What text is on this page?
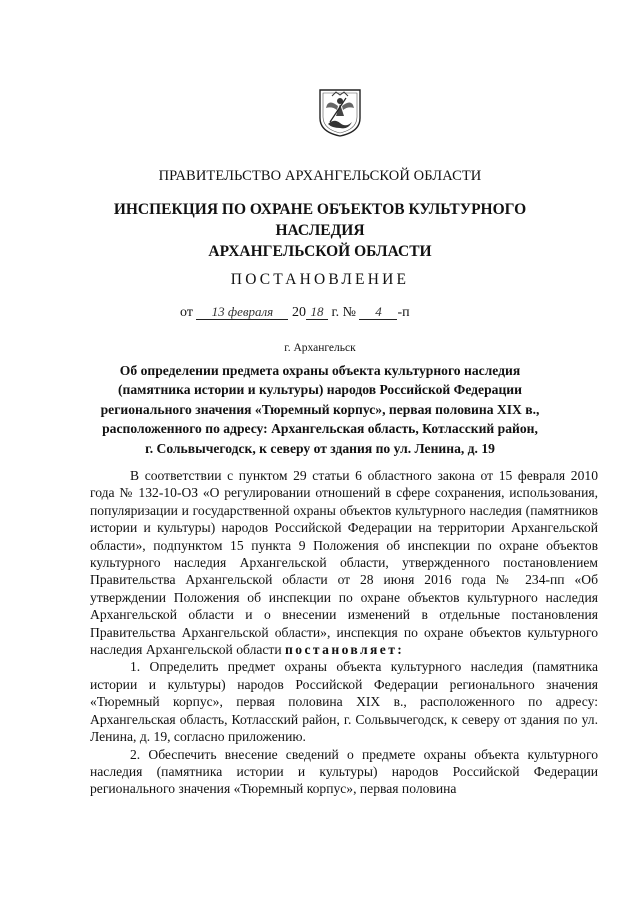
ПРАВИТЕЛЬСТВО АРХАНГЕЛЬСКОЙ ОБЛАСТИ
ИНСПЕКЦИЯ ПО ОХРАНЕ ОБЪЕКТОВ КУЛЬТУРНОГО НАСЛЕДИЯ
АРХАНГЕЛЬСКОЙ ОБЛАСТИ
ПОСТАНОВЛЕНИЕ
от 13 февраля 20 18 г. № 4 -п
г. Архангельск
Об определении предмета охраны объекта культурного наследия
(памятника истории и культуры) народов Российской Федерации
регионального значения «Тюремный корпус», первая половина XIX в.,
расположенного по адресу: Архангельская область, Котласский район,
г. Сольвычегодск, к северу от здания по ул. Ленина, д. 19

В соответствии с пунктом 29 статьи 6 областного закона от 15 февраля 2010 года № 132-10-ОЗ «О регулировании отношений в сфере сохранения, использования, популяризации и государственной охраны объектов культурного наследия (памятников истории и культуры) народов Российской Федерации на территории Архангельской области», подпунктом 15 пункта 9 Положения об инспекции по охране объектов культурного наследия Архангельской области, утвержденного постановлением Правительства Архангельской области от 28 июня 2016 года № 234-пп «Об утверждении Положения об инспекции по охране объектов культурного наследия Архангельской области и о внесении изменений в отдельные постановления Правительства Архангельской области», инспекция по охране объектов культурного наследия Архангельской области постановляет:

1. Определить предмет охраны объекта культурного наследия (памятника истории и культуры) народов Российской Федерации регионального значения «Тюремный корпус», первая половина XIX в., расположенного по адресу: Архангельская область, Котласский район, г. Сольвычегодск, к северу от здания по ул. Ленина, д. 19, согласно приложению.

2. Обеспечить внесение сведений о предмете охраны объекта культурного наследия (памятника истории и культуры) народов Российской Федерации регионального значения «Тюремный корпус», первая половина
